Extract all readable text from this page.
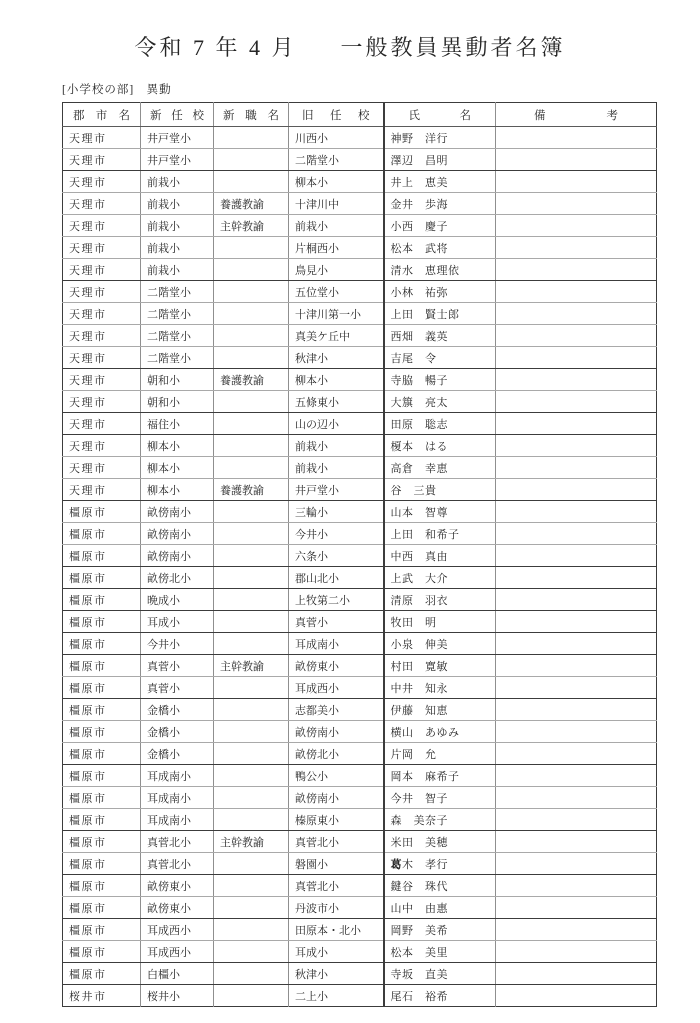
令和 7 年 4 月 一般教員異動者名簿
[小学校の部]　異動
郡市名	新任校	新職名	旧任校	氏名	備考
天理市	井戸堂小		川西小	神野　洋行	
天理市	井戸堂小		二階堂小	澤辺　昌明	
天理市	前栽小		柳本小	井上　恵美	
天理市	前栽小	養護教諭	十津川中	金井　歩海	
天理市	前栽小	主幹教諭	前栽小	小西　慶子	
天理市	前栽小		片桐西小	松本　武将	
天理市	前栽小		鳥見小	清水　恵理依	
天理市	二階堂小		五位堂小	小林　祐弥	
天理市	二階堂小		十津川第一小	上田　賢士郎	
天理市	二階堂小		真美ケ丘中	西畑　義英	
天理市	二階堂小		秋津小	吉尾　令	
天理市	朝和小	養護教諭	柳本小	寺脇　暢子	
天理市	朝和小		五條東小	大簱　亮太	
天理市	福住小		山の辺小	田原　聡志	
天理市	柳本小		前栽小	榎本　はる	
天理市	柳本小		前栽小	高倉　幸恵	
天理市	柳本小	養護教諭	井戸堂小	谷　三貴	
橿原市	畝傍南小		三輪小	山本　智尊	
橿原市	畝傍南小		今井小	上田　和希子	
橿原市	畝傍南小		六条小	中西　真由	
橿原市	畝傍北小		郡山北小	上武　大介	
橿原市	晩成小		上牧第二小	清原　羽衣	
橿原市	耳成小		真菅小	牧田　明	
橿原市	今井小		耳成南小	小泉　伸美	
橿原市	真菅小	主幹教諭	畝傍東小	村田　寛敏	
橿原市	真菅小		耳成西小	中井　知永	
橿原市	金橋小		志都美小	伊藤　知恵	
橿原市	金橋小		畝傍南小	横山　あゆみ	
橿原市	金橋小		畝傍北小	片岡　允	
橿原市	耳成南小		鴨公小	岡本　麻希子	
橿原市	耳成南小		畝傍南小	今井　智子	
橿原市	耳成南小		榛原東小	森　美奈子	
橿原市	真菅北小	主幹教諭	真菅北小	米田　美穂	
橿原市	真菅北小		磐園小	葛木　孝行	
橿原市	畝傍東小		真菅北小	鍵谷　珠代	
橿原市	畝傍東小		丹波市小	山中　由惠	
橿原市	耳成西小		田原本・北小	岡野　美希	
橿原市	耳成西小		耳成小	松本　美里	
橿原市	白橿小		秋津小	寺坂　直美	
桜井市	桜井小		二上小	尾石　裕希	
